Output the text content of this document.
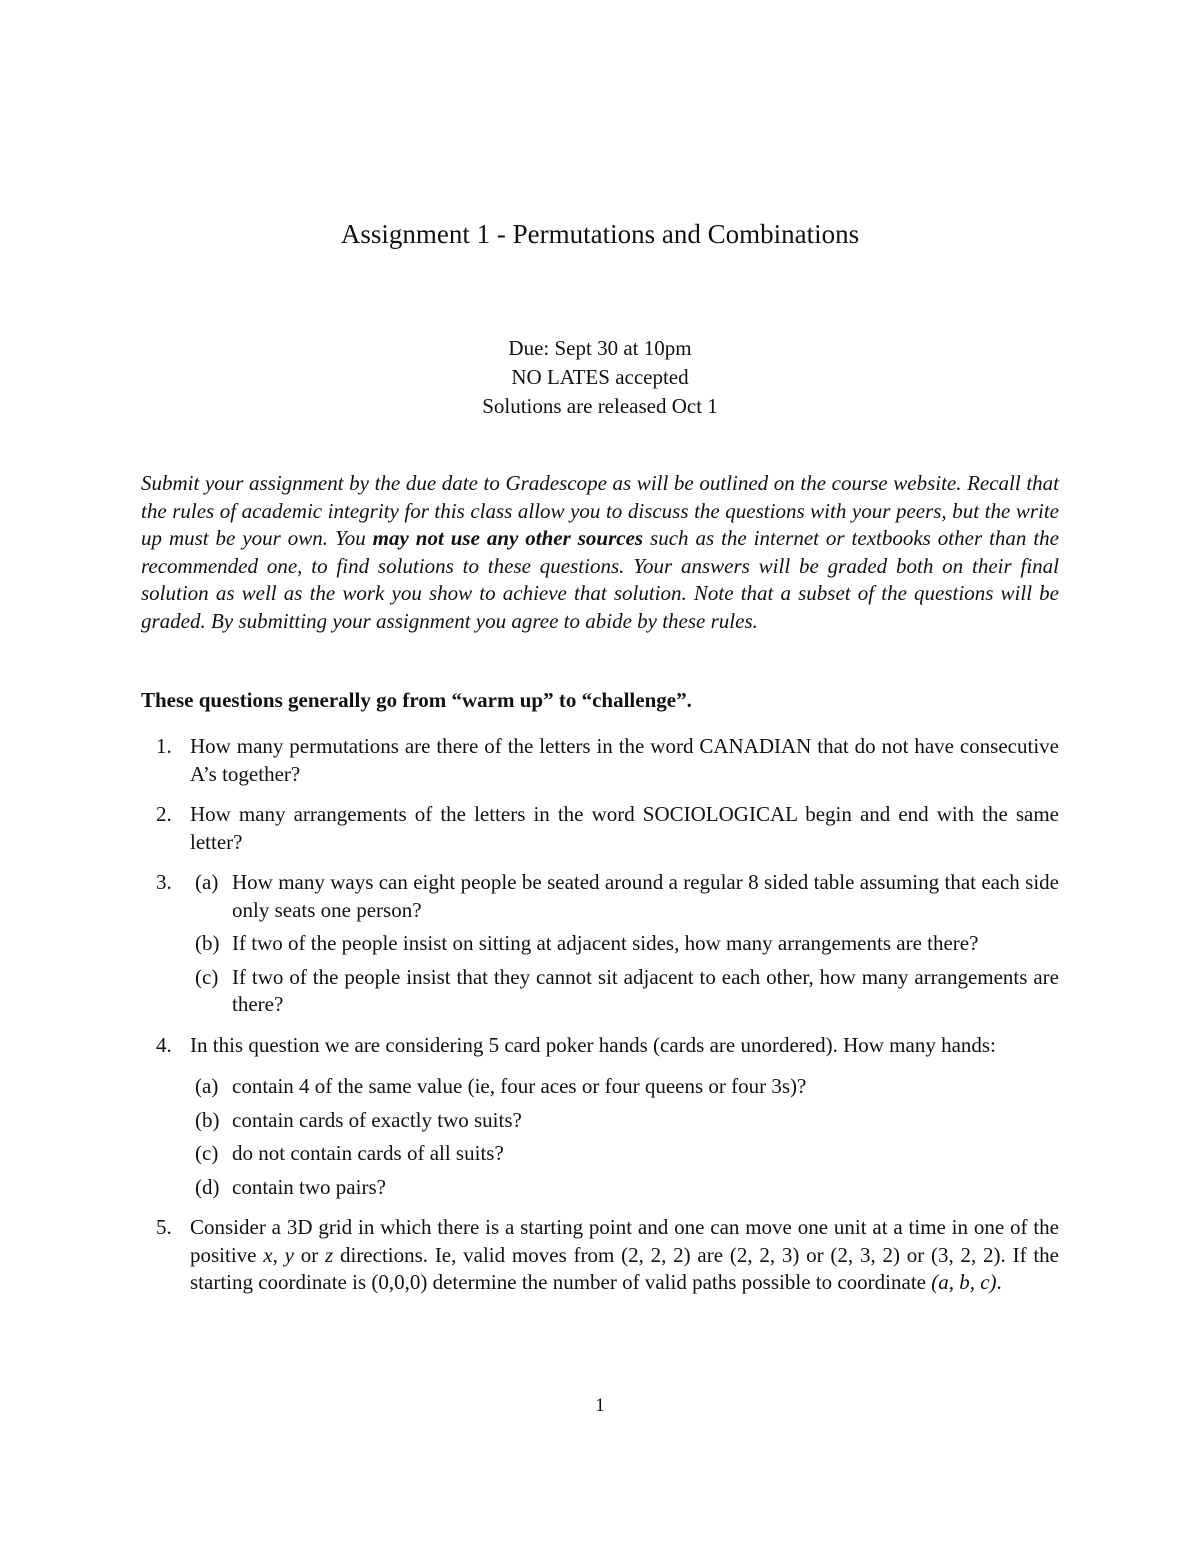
Assignment 1 - Permutations and Combinations
Due: Sept 30 at 10pm
NO LATES accepted
Solutions are released Oct 1
Submit your assignment by the due date to Gradescope as will be outlined on the course website. Recall that the rules of academic integrity for this class allow you to discuss the questions with your peers, but the write up must be your own. You may not use any other sources such as the internet or textbooks other than the recommended one, to find solutions to these questions. Your answers will be graded both on their final solution as well as the work you show to achieve that solution. Note that a subset of the questions will be graded. By submitting your assignment you agree to abide by these rules.
These questions generally go from “warm up” to “challenge”.
1. How many permutations are there of the letters in the word CANADIAN that do not have consecutive A’s together?
2. How many arrangements of the letters in the word SOCIOLOGICAL begin and end with the same letter?
3. (a) How many ways can eight people be seated around a regular 8 sided table assuming that each side only seats one person?
(b) If two of the people insist on sitting at adjacent sides, how many arrangements are there?
(c) If two of the people insist that they cannot sit adjacent to each other, how many arrangements are there?
4. In this question we are considering 5 card poker hands (cards are unordered). How many hands:
(a) contain 4 of the same value (ie, four aces or four queens or four 3s)?
(b) contain cards of exactly two suits?
(c) do not contain cards of all suits?
(d) contain two pairs?
5. Consider a 3D grid in which there is a starting point and one can move one unit at a time in one of the positive x, y or z directions. Ie, valid moves from (2, 2, 2) are (2, 2, 3) or (2, 3, 2) or (3, 2, 2). If the starting coordinate is (0,0,0) determine the number of valid paths possible to coordinate (a, b, c).
1
